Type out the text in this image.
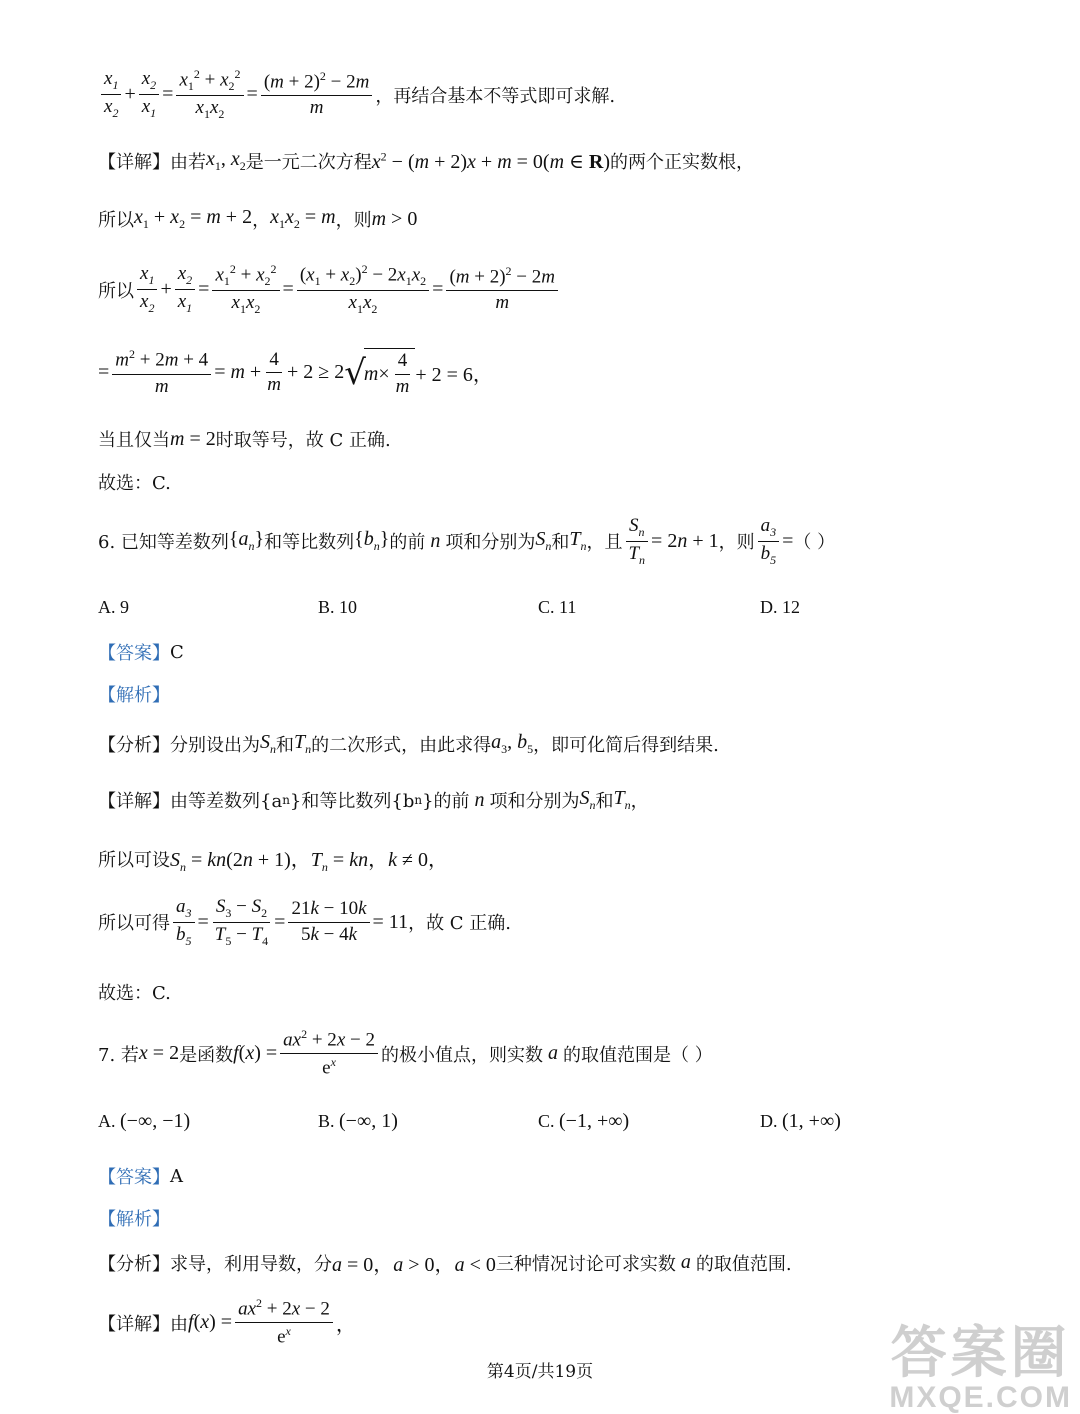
$\frac{x_1}{x_2} + \frac{x_2}{x_1} = \frac{x_1^2 + x_2^2}{x_1x_2} = \frac{(m + 2)^2 - 2m}{m}$ ，再结合基本不等式即可求解.
【详解】由若 $x_1$, $x_2$ 是一元二次方程 $x^2 - (m + 2)x + m = 0(m$ ∈ R) 的两个正实数根，
所以 $x_1 + x_2 = m + 2$ ， $x_1x_2 = m$ ，则 m > 0
所以 $\frac{x_1}{x_2} + \frac{x_2}{x_1} = \frac{x_1^2 + x_2^2}{x_1x_2} = \frac{(x_1 + x_2)^2 - 2x_1x_2}{x_1x_2} = \frac{(m + 2)^2 - 2m}{m}$
= $\frac{m^2 + 2m + 4}{m} = m + \frac{4}{m} + 2 \ge 2$ √
$m \times \frac{4}{m} + 2 = 6$，
当且仅当 m = 2 时取等号，故 C 正确.
故选：C.
6. 已知等差数列 $\{a_n\}$ 和等比数列 $\{b_n\}$ 的前 n 项和分别为 $S_n$ 和 $T_n$ ，且 $\frac{S_n}{T_n} = 2n + 1$ ，则 $\frac{a_3}{b_5}$ = （ ）
A. 9	B. 10	C. 11	D. 12
【答案】 C
【解析】
【分析】 分别设出为 $S_n$ 和 $T_n$ 的二次形式，由此求得 $a_3$, $b_5$ ，即可化简后得到结果.
【详解】 由等差数列{a n }和等比数列{b n }的前 n 项和分别为 $S_n$ 和 $T_n$ ，
所以可设 $S_n = kn(2n + 1)$，$T_n$ = kn，k ≠ 0，
所以可得 $\frac{a_3}{b_5} = \frac{S_3 - S_2}{T_5 - T_4} = \frac{21k - 10k}{5k - 4k} = 11$ ，故 C 正确.
故选：C.
7. 若 x = 2 是函数 $f(x) = \frac{ax^2 + 2x - 2}{e^x}$ 的极小值点，则实数 a 的取值范围是（ ）
A. (−∞, −1)	B. (−∞, 1)	C. (−1, +∞)	D. (1, +∞)
【答案】 A
【解析】
【分析】 求导，利用导数，分 a = 0，a > 0，a < 0 三种情况讨论可求实数 a 的取值范围.
【详解】 由 $f(x) = \frac{ax^2 + 2x - 2}{e^x}$ ，
第4页/共19页	答案圈
MXQE.COM
